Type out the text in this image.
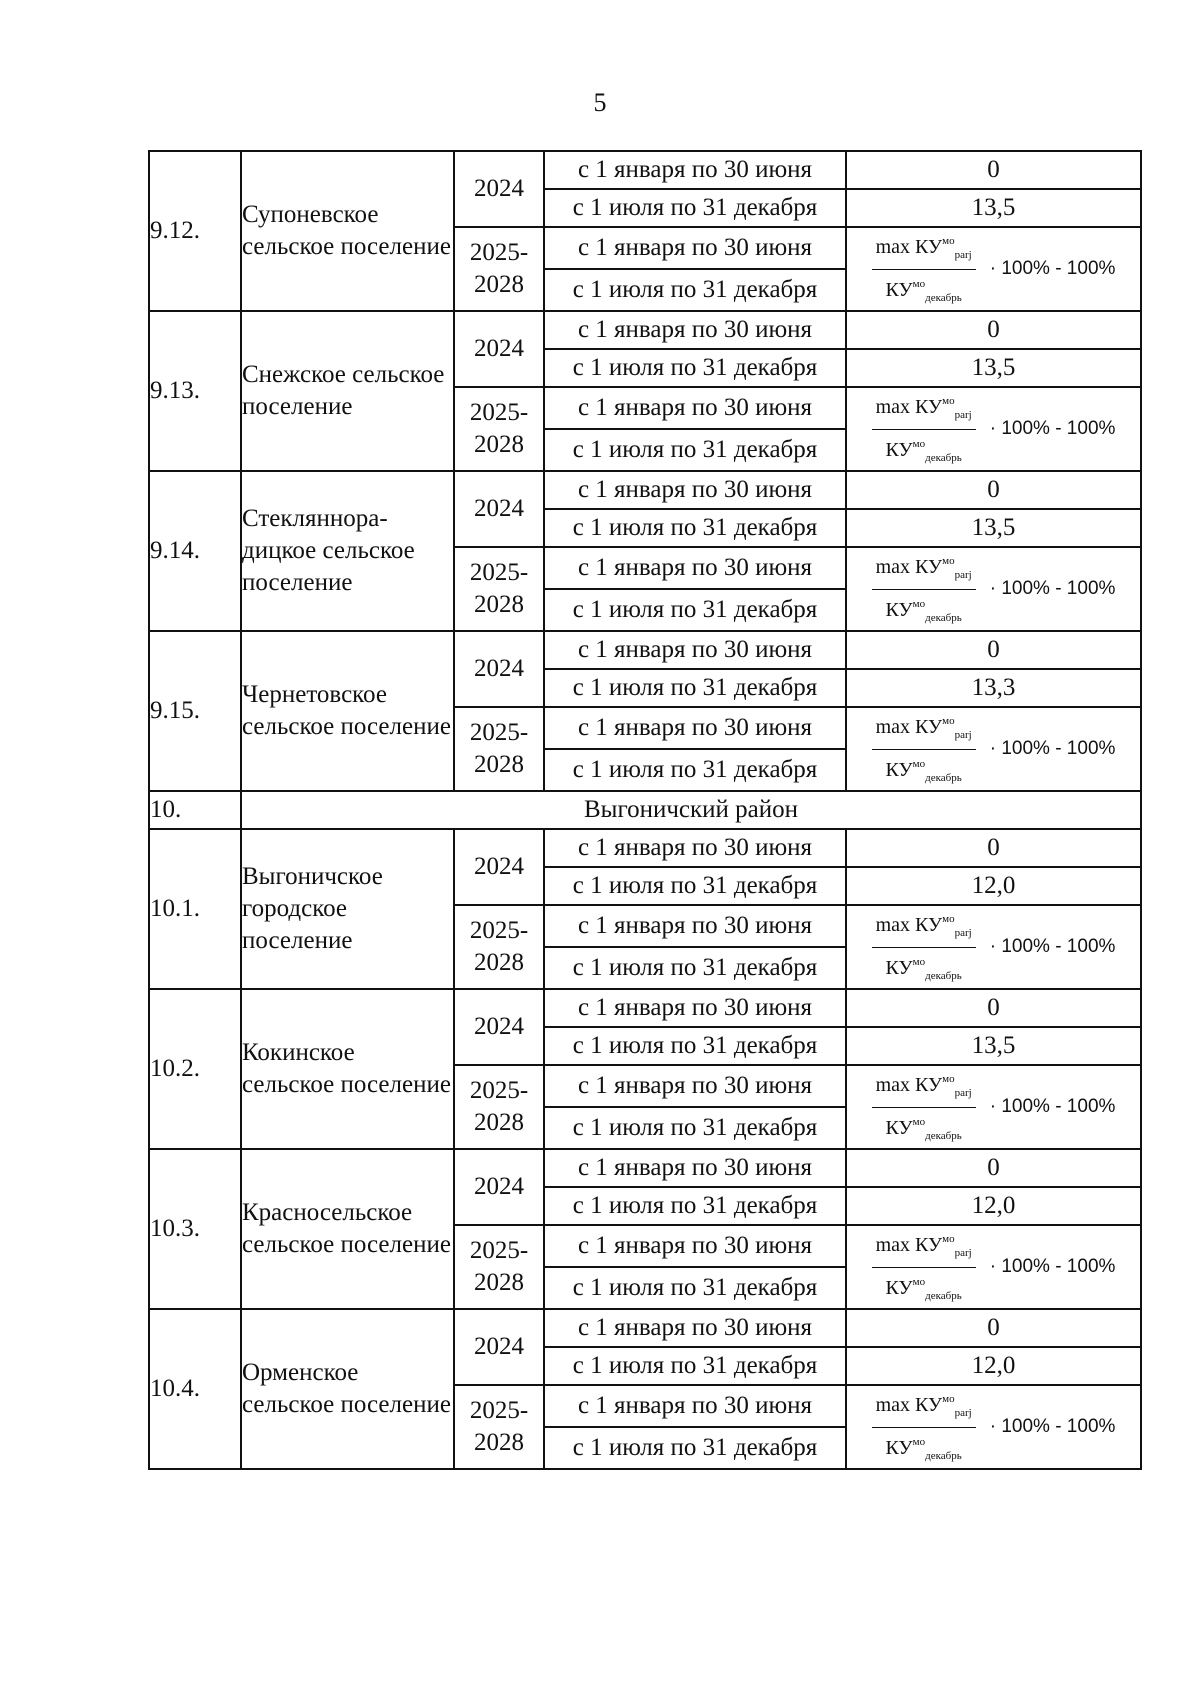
5
9.12.	Супоневское сельское поселение	2024	с 1 января по 30 июня	0
			с 1 июля по 31 декабря	13,5
		2025-2028	с 1 января по 30 июня	$\frac{\max КУ^{мо}_{parj}}{КУ^{мо}_{декабрь}} \cdot 100\% - 100\%$

			с 1 июля по 31 декабря	
9.13.	Снежское сельское поселение	2024	с 1 января по 30 июня	0
			с 1 июля по 31 декабря	13,5
		2025-2028	с 1 января по 30 июня	$\frac{\max КУ^{мо}_{parj}}{КУ^{мо}_{декабрь}} \cdot 100\% - 100\%$

			с 1 июля по 31 декабря	
9.14.	Стекляннора-дицкое сельское поселение	2024	с 1 января по 30 июня	0
			с 1 июля по 31 декабря	13,5
		2025-2028	с 1 января по 30 июня	$\frac{\max КУ^{мо}_{parj}}{КУ^{мо}_{декабрь}} \cdot 100\% - 100\%$

			с 1 июля по 31 декабря	
9.15.	Чернетовское сельское поселение	2024	с 1 января по 30 июня	0
			с 1 июля по 31 декабря	13,3
		2025-2028	с 1 января по 30 июня	$\frac{\max КУ^{мо}_{parj}}{КУ^{мо}_{декабрь}} \cdot 100\% - 100\%$

			с 1 июля по 31 декабря	
10.	Выгоничский район			
10.1.	Выгоничское городское поселение	2024	с 1 января по 30 июня	0
			с 1 июля по 31 декабря	12,0
		2025-2028	с 1 января по 30 июня	$\frac{\max КУ^{мо}_{parj}}{КУ^{мо}_{декабрь}} \cdot 100\% - 100\%$

			с 1 июля по 31 декабря	
10.2.	Кокинское сельское поселение	2024	с 1 января по 30 июня	0
			с 1 июля по 31 декабря	13,5
		2025-2028	с 1 января по 30 июня	$\frac{\max КУ^{мо}_{parj}}{КУ^{мо}_{декабрь}} \cdot 100\% - 100\%$

			с 1 июля по 31 декабря	
10.3.	Красносельское сельское поселение	2024	с 1 января по 30 июня	0
			с 1 июля по 31 декабря	12,0
		2025-2028	с 1 января по 30 июня	$\frac{\max КУ^{мо}_{parj}}{КУ^{мо}_{декабрь}} \cdot 100\% - 100\%$

			с 1 июля по 31 декабря	
10.4.	Орменское сельское поселение	2024	с 1 января по 30 июня	0
			с 1 июля по 31 декабря	12,0
		2025-2028	с 1 января по 30 июня	$\frac{\max КУ^{мо}_{parj}}{КУ^{мо}_{декабрь}} \cdot 100\% - 100\%$

			с 1 июля по 31 декабря	
